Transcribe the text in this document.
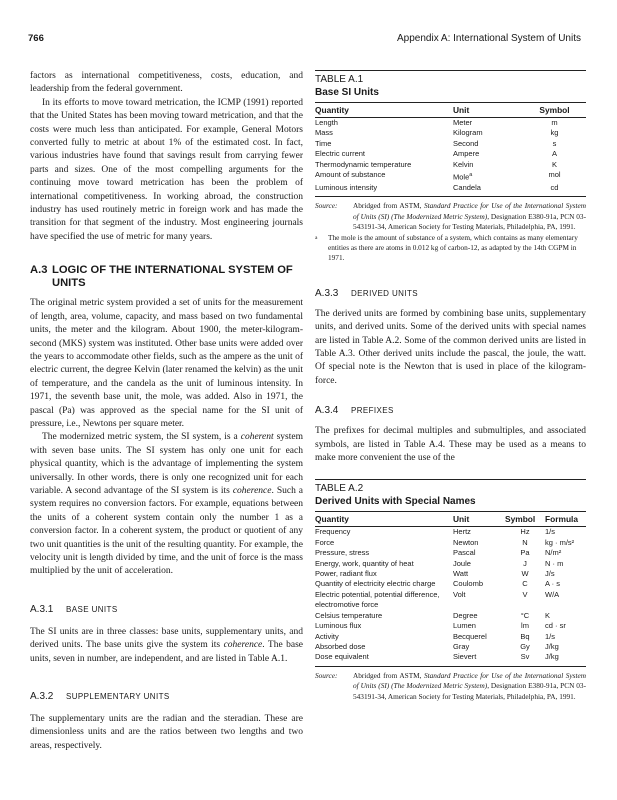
766	Appendix A: International System of Units

factors as international competitiveness, costs, education, and leadership from the federal government.

In its efforts to move toward metrication, the ICMP (1991) reported that the United States has been moving toward metrication, and that the costs were much less than anticipated. For example, General Motors converted fully to metric at about 1% of the estimated cost. In fact, various industries have found that savings result from carrying fewer parts and sizes. One of the most compelling arguments for the continuing move toward metrication has been the problem of international competitiveness. In working abroad, the construction industry has used routinely metric in foreign work and has made the transition for that segment of the industry. Most engineering journals have specified the use of metric for many years.

A.3 LOGIC OF THE INTERNATIONAL SYSTEM OF UNITS

The original metric system provided a set of units for the measurement of length, area, volume, capacity, and mass based on two fundamental units, the meter and the kilogram. About 1900, the meter-kilogram-second (MKS) system was instituted. Other base units were added over the years to accommodate other fields, such as the ampere as the unit of electric current, the degree Kelvin (later renamed the kelvin) as the unit of temperature, and the candela as the unit of luminous intensity. In 1971, the seventh base unit, the mole, was added. Also in 1971, the pascal (Pa) was approved as the special name for the SI unit of pressure, i.e., Newtons per square meter.

The modernized metric system, the SI system, is a coherent system with seven base units. The SI system has only one unit for each physical quantity, which is the advantage of implementing the system universally. In other words, there is only one recognized unit for each variable. A second advantage of the SI system is its coherence. Such a system requires no conversion factors. For example, equations between the units of a coherent system contain only the number 1 as a conversion factor. In a coherent system, the product or quotient of any two unit quantities is the unit of the resulting quantity. For example, the velocity unit is length divided by time, and the unit of force is the mass multiplied by the unit of acceleration.

A.3.1 BASE UNITS

The SI units are in three classes: base units, supplementary units, and derived units. The base units give the system its coherence. The base units, seven in number, are independent, and are listed in Table A.1.

A.3.2 SUPPLEMENTARY UNITS

The supplementary units are the radian and the steradian. These are dimensionless units and are the ratios between two lengths and two areas, respectively.

TABLE A.1

Base SI Units

Quantity	Unit	Symbol

Length	Meter	m
Mass	Kilogram	kg
Time	Second	s
Electric current	Ampere	A
Thermodynamic temperature	Kelvin	K
Amount of substance	Mole$^a$	mol
Luminous intensity	Candela	cd

Source:	Abridged from ASTM, Standard Practice for Use of the International System of Units (SI) (The Modernized Metric System), Designation E380-91a, PCN 03-543191-34, American Society for Testing Materials, Philadelphia, PA, 1991.

a	The mole is the amount of substance of a system, which contains as many elementary entities as there are atoms in 0.012 kg of carbon-12, as adapted by the 14th CGPM in 1971.

A.3.3 DERIVED UNITS

The derived units are formed by combining base units, supplementary units, and derived units. Some of the derived units with special names are listed in Table A.2. Some of the common derived units are listed in Table A.3. Other derived units include the pascal, the joule, the watt. Of special note is the Newton that is used in place of the kilogram-force.

A.3.4 PREFIXES

The prefixes for decimal multiples and submultiples, and associated symbols, are listed in Table A.4. These may be used as a means to make more convenient the use of the

TABLE A.2

Derived Units with Special Names

Quantity	Unit	Symbol	Formula

Frequency	Hertz	Hz	1/s
Force	Newton	N	kg · m/s²
Pressure, stress	Pascal	Pa	N/m²
Energy, work, quantity of heat	Joule	J	N · m
Power, radiant flux	Watt	W	J/s
Quantity of electricity electric charge	Coulomb	C	A · s
Electric potential, potential difference, electromotive force	Volt	V	W/A
Celsius temperature	Degree	°C	K
Luminous flux	Lumen	lm	cd · sr
Activity	Becquerel	Bq	1/s
Absorbed dose	Gray	Gy	J/kg
Dose equivalent	Sievert	Sv	J/kg

Source:	Abridged from ASTM, Standard Practice for Use of the International System of Units (SI) (The Modernized Metric System), Designation E380-91a, PCN 03-543191-34, American Society for Testing Materials, Philadelphia, PA, 1991.
